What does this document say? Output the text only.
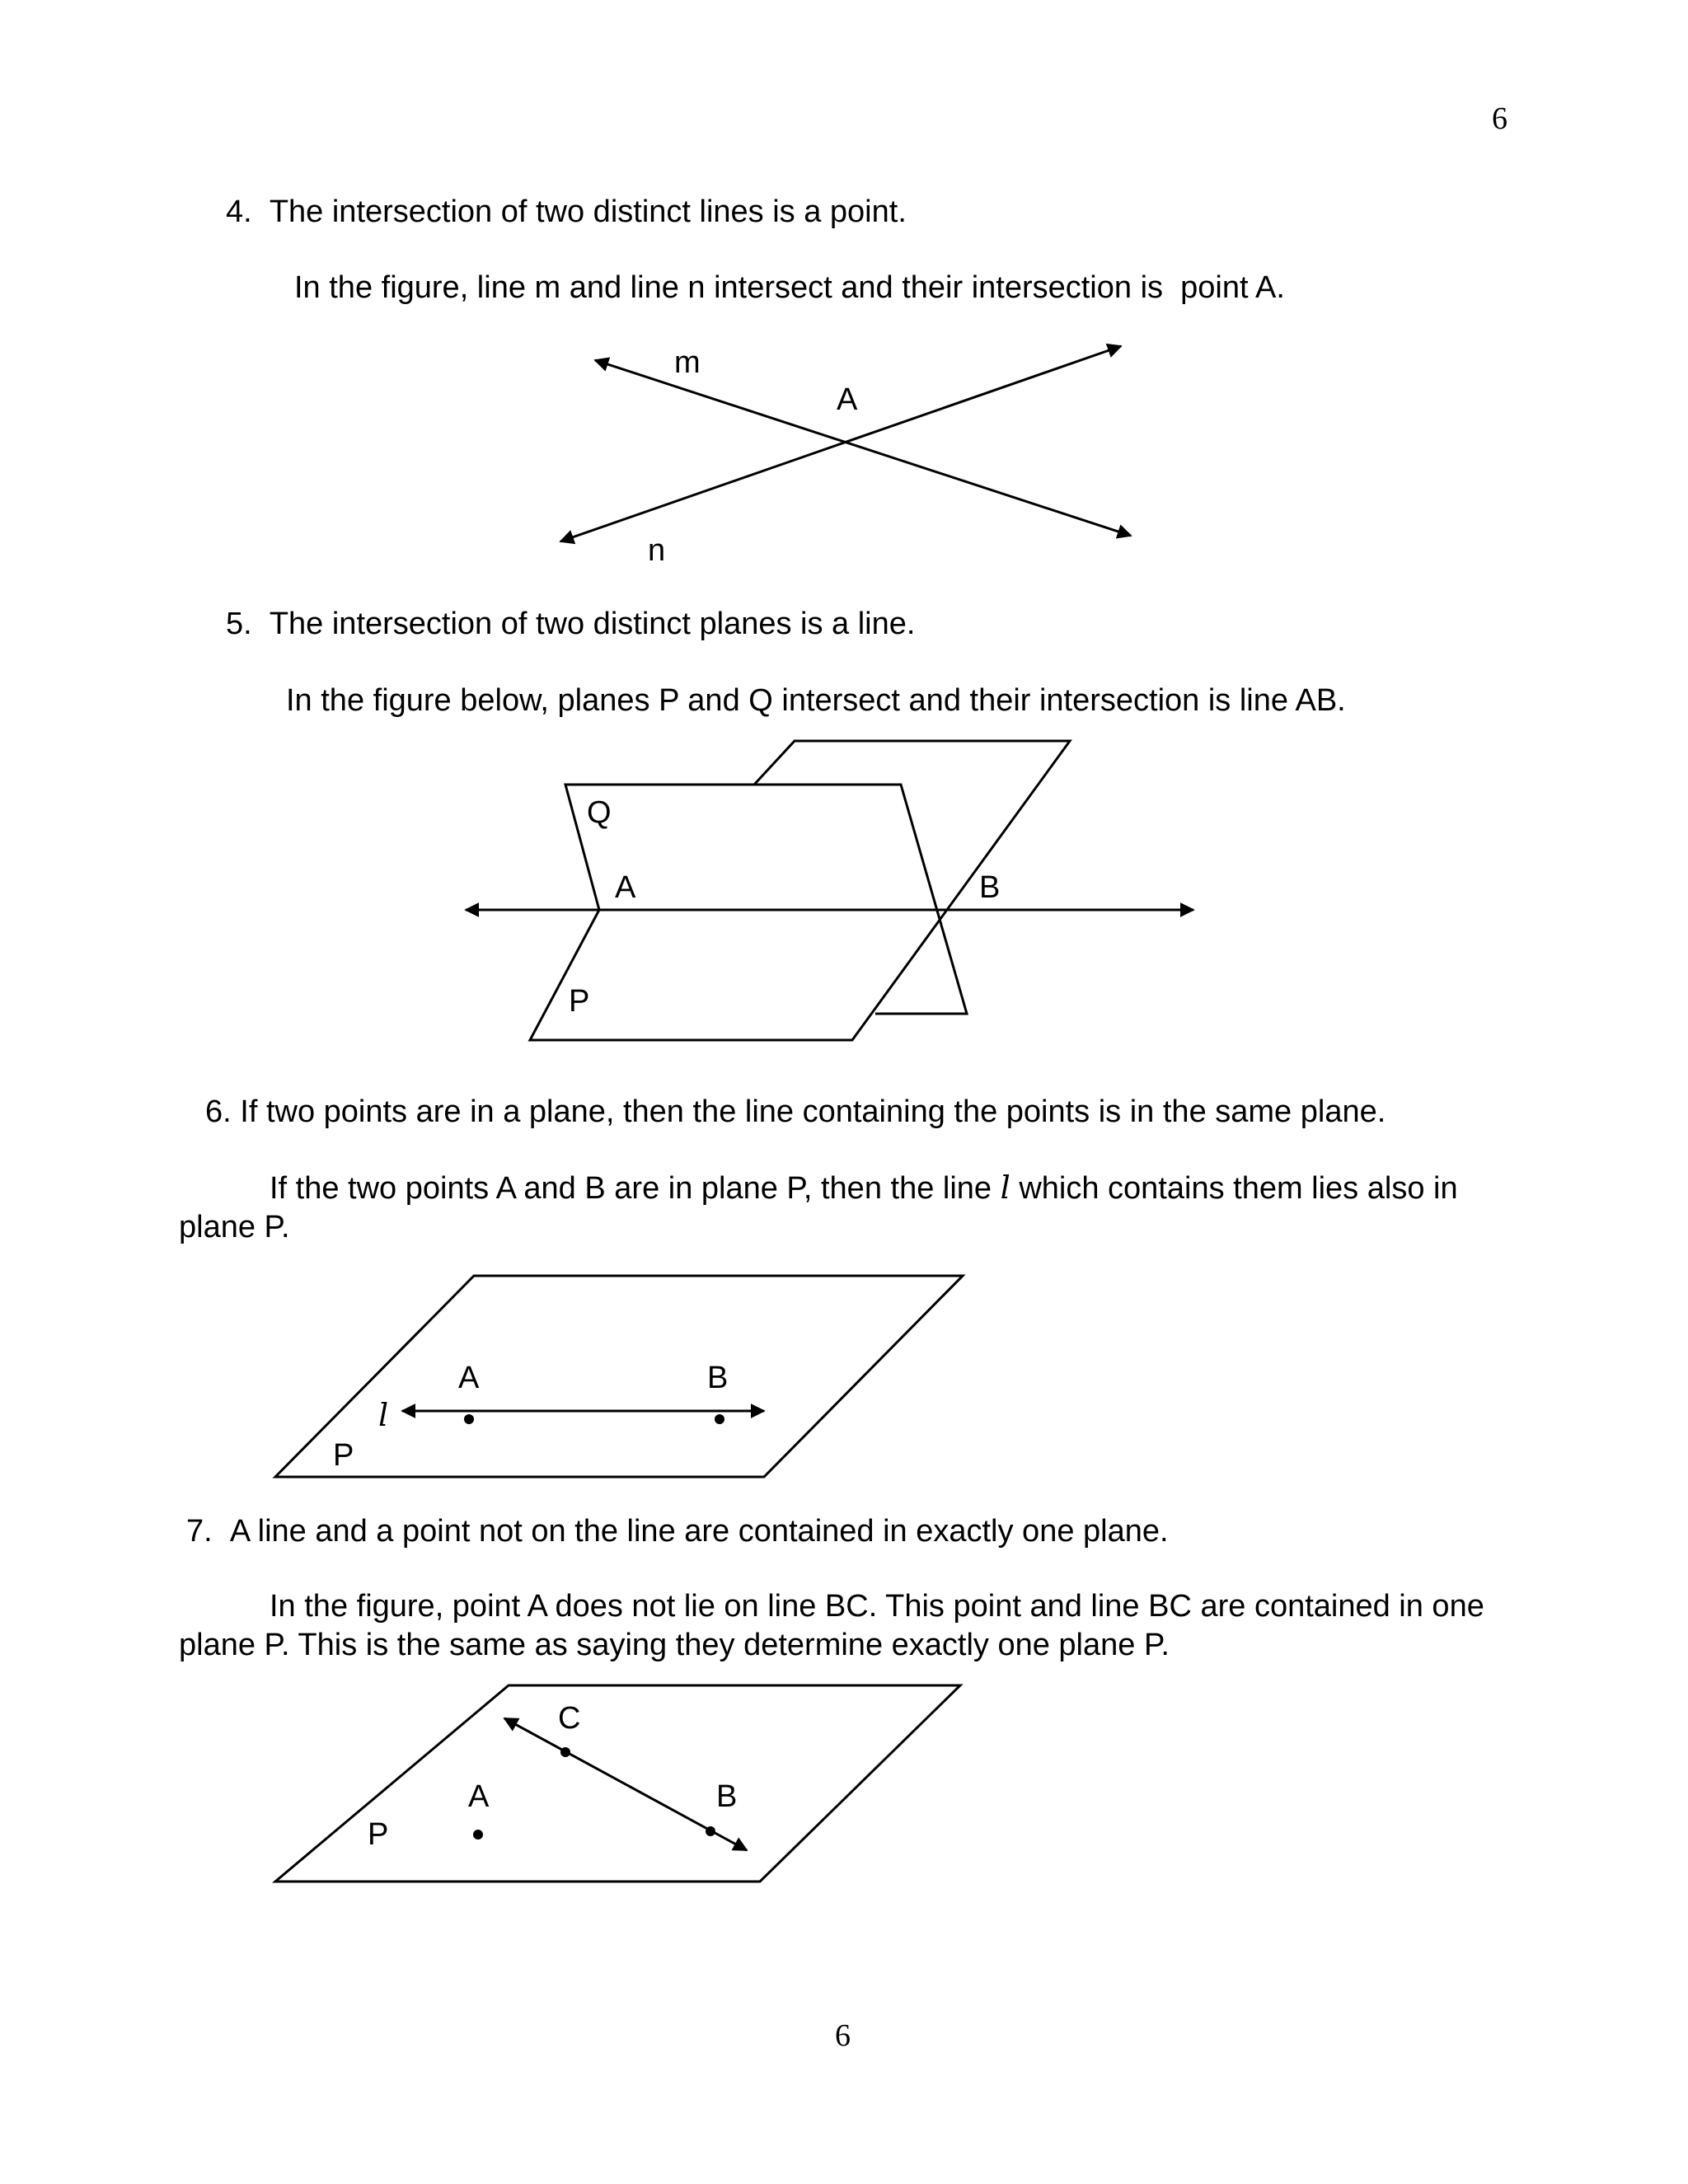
6
6
4. The intersection of two distinct lines is a point.
In the figure, line m and line n intersect and their intersection is  point A.
m
A
n
5. The intersection of two distinct planes is a line.
In the figure below, planes P and Q intersect and their intersection is line AB.
Q
A	B
P
6. If two points are in a plane, then the line containing the points is in the same plane.
If the two points A and B are in plane P, then the line l which contains them lies also in plane P.
A	B
l
P
7. A line and a point not on the line are contained in exactly one plane.
In the figure, point A does not lie on line BC. This point and line BC are contained in one plane P. This is the same as saying they determine exactly one plane P.
C
A	B
P
